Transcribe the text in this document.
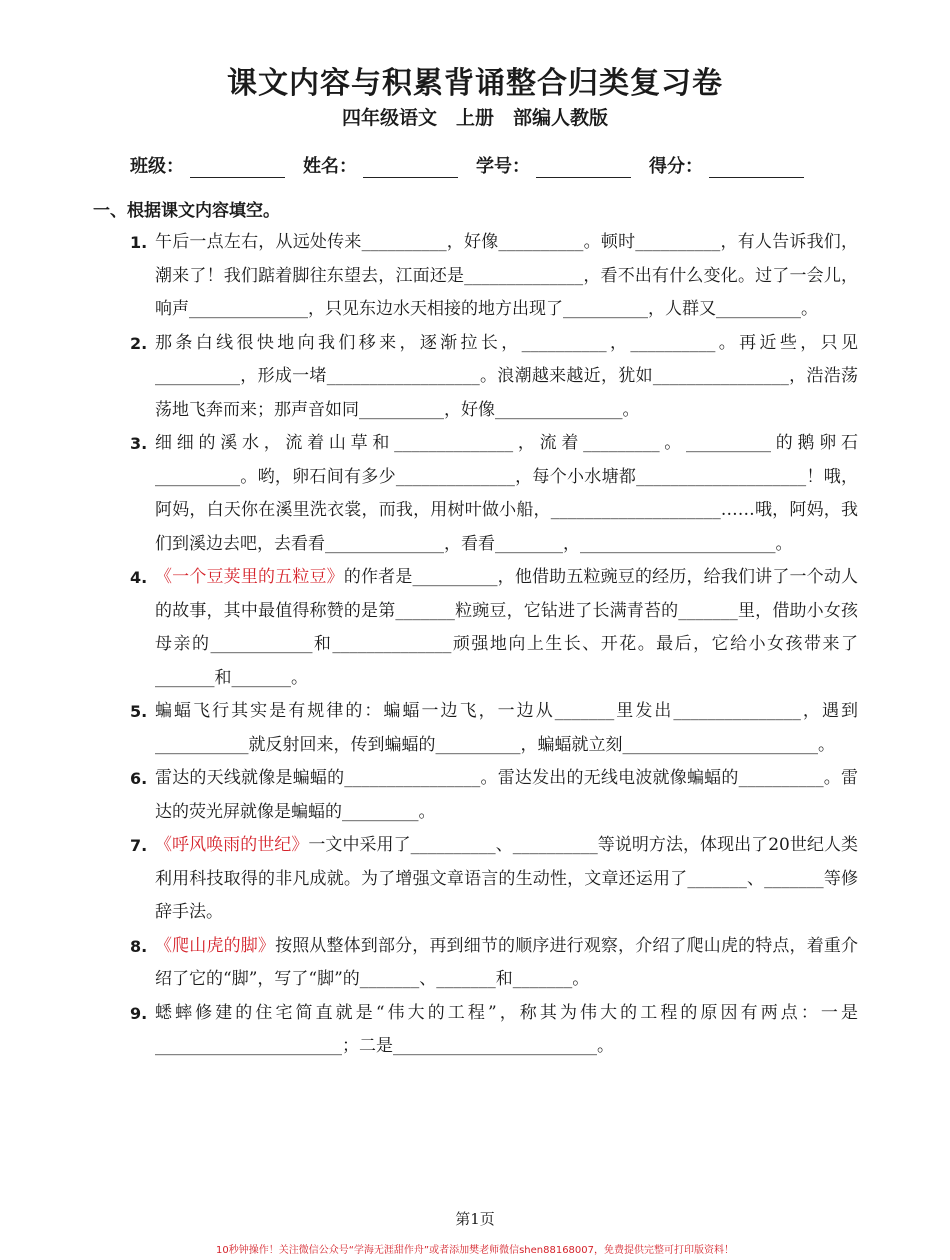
课文内容与积累背诵整合归类复习卷
四年级语文　上册　部编人教版
班级：	姓名：	学号：	得分：
一、根据课文内容填空。
1. 午后一点左右，从远处传来__________，好像__________。顿时__________，有人告诉我们，潮来了！我们踮着脚往东望去，江面还是______________，看不出有什么变化。过了一会儿，响声______________，只见东边水天相接的地方出现了__________，人群又__________。
2. 那条白线很快地向我们移来，逐渐拉长，__________，__________。再近些，只见__________，形成一堵__________________。浪潮越来越近，犹如________________，浩浩荡荡地飞奔而来；那声音如同__________，好像_______________。
3. 细细的溪水，流着山草和______________，流着_________。__________的鹅卵石__________。哟，卵石间有多少______________，每个小水塘都____________________！哦，阿妈，白天你在溪里洗衣裳，而我，用树叶做小船，____________________……哦，阿妈，我们到溪边去吧，去看看______________，看看________，_______________________。
4. 《一个豆荚里的五粒豆》的作者是__________，他借助五粒豌豆的经历，给我们讲了一个动人的故事，其中最值得称赞的是第_______粒豌豆，它钻进了长满青苔的_______里，借助小女孩母亲的____________和______________顽强地向上生长、开花。最后，它给小女孩带来了_______和_______。
5. 蝙蝠飞行其实是有规律的：蝙蝠一边飞，一边从_______里发出_______________，遇到___________就反射回来，传到蝙蝠的__________，蝙蝠就立刻_______________________。
6. 雷达的天线就像是蝙蝠的________________。雷达发出的无线电波就像蝙蝠的__________。雷达的荧光屏就像是蝙蝠的_________。
7. 《呼风唤雨的世纪》一文中采用了__________、__________等说明方法，体现出了20世纪人类利用科技取得的非凡成就。为了增强文章语言的生动性，文章还运用了_______、_______等修辞手法。
8. 《爬山虎的脚》按照从整体到部分，再到细节的顺序进行观察，介绍了爬山虎的特点，着重介绍了它的“脚”，写了“脚”的_______、_______和_______。
9. 蟋蟀修建的住宅简直就是“伟大的工程”，称其为伟大的工程的原因有两点：一是______________________；二是________________________。
第1页
10秒钟操作！关注微信公众号“学海无涯甜作舟”或者添加樊老师微信shen88168007，免费提供完整可打印版资料！
